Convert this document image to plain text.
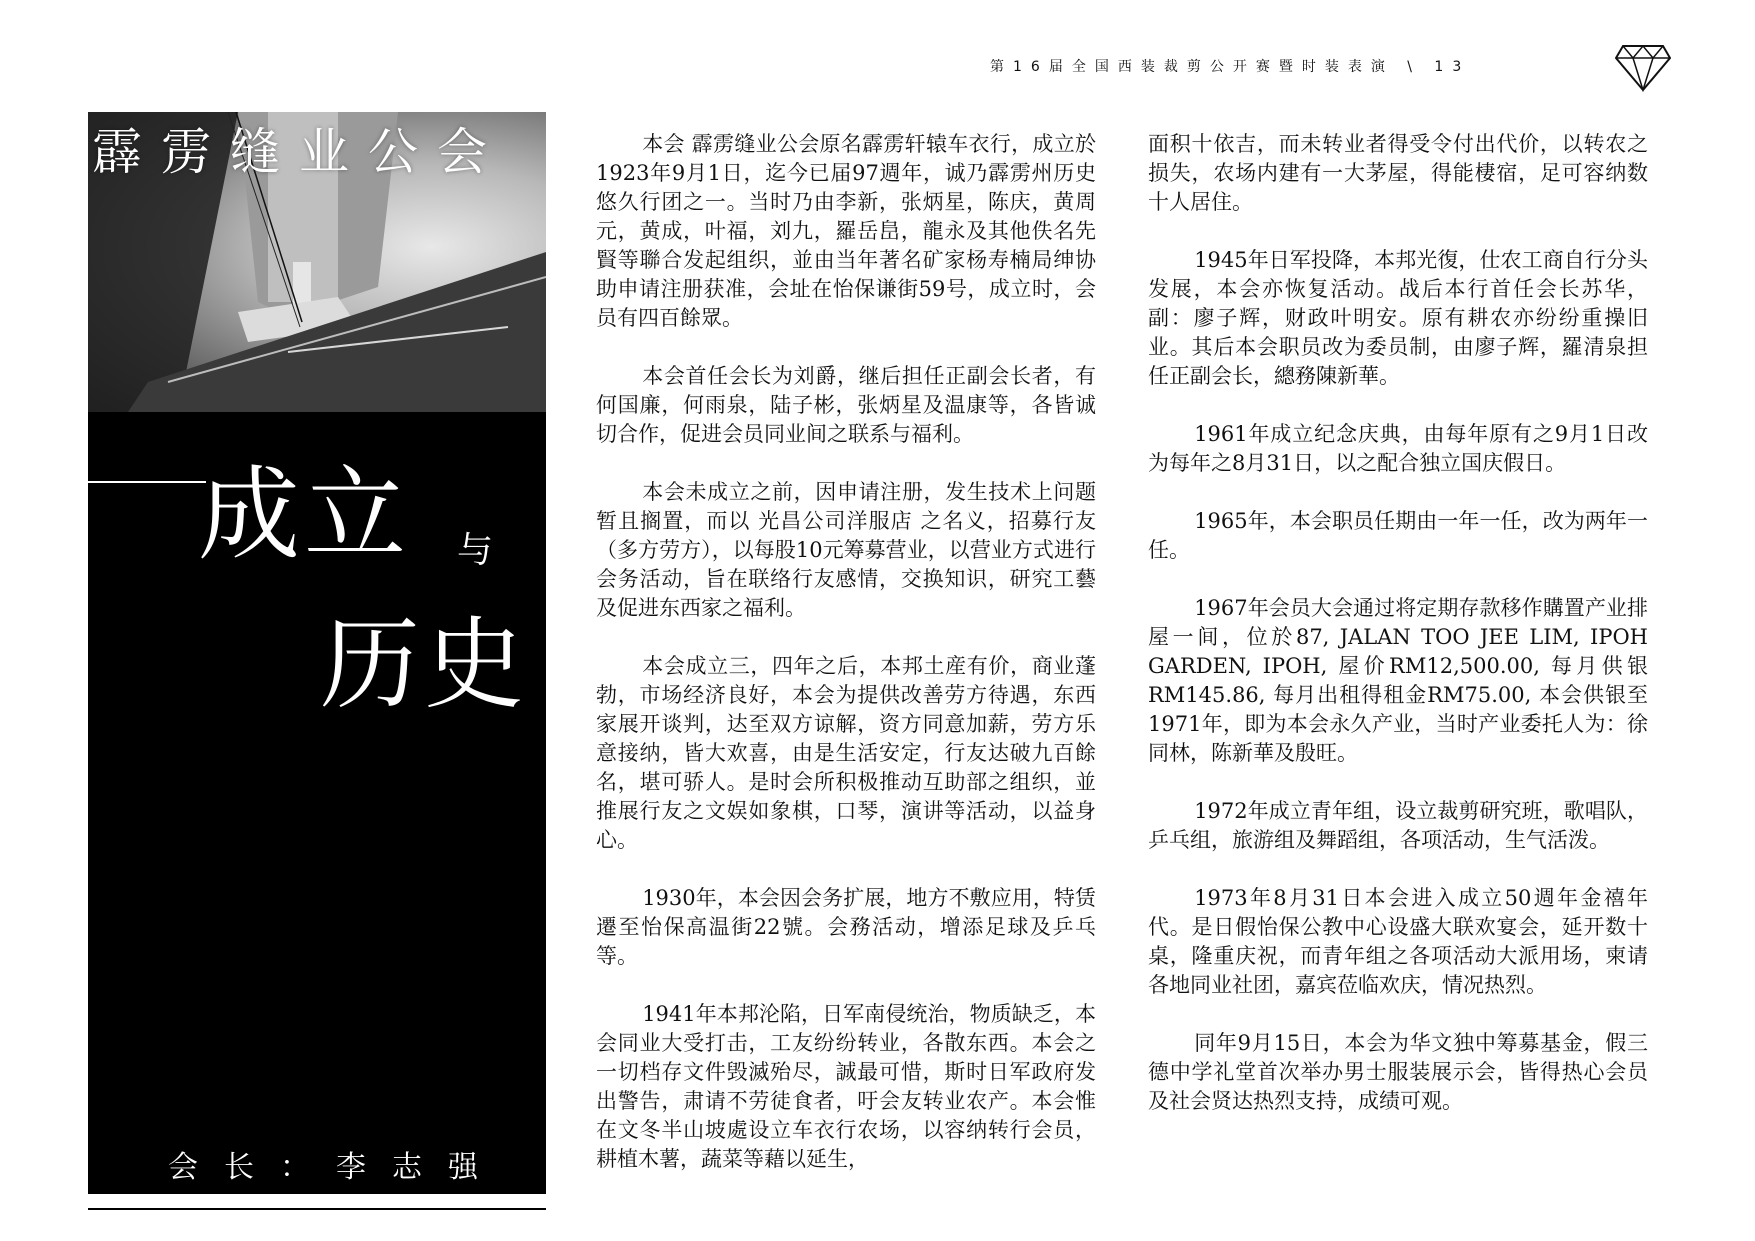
第16届全国西装裁剪公开赛暨时装表演 \ 13
霹雳缝业公会
成立 与
历史
会长：李志强

本会 霹雳缝业公会原名霹雳轩辕车衣行，成立於1923年9月1日，迄今已届97週年，诚乃霹雳州历史悠久行团之一。当时乃由李新，张炳星，陈庆，黄周元，黄成，叶福，刘九，羅岳峊，龍永及其他佚名先賢等聯合发起组织，並由当年著名矿家杨寿楠局绅协助申请注册获准，会址在怡保谦街59号，成立时，会员有四百餘眾。

本会首任会长为刘爵，继后担任正副会长者，有何国廉，何雨泉，陆子彬，张炳星及温康等，各皆诚切合作，促进会员同业间之联系与福利。

本会未成立之前，因申请注册，发生技术上问题暂且搁置，而以 光昌公司洋服店 之名义，招募行友（多方劳方），以每股10元筹募营业，以营业方式进行会务活动，旨在联络行友感情，交换知识，研究工藝及促进东西家之福利。

本会成立三，四年之后，本邦土産有价，商业蓬勃，市场经济良好，本会为提供改善劳方待遇，东西家展开谈判，达至双方谅解，资方同意加薪，劳方乐意接纳，皆大欢喜，由是生活安定，行友达破九百餘名，堪可骄人。是时会所积极推动互助部之组织，並推展行友之文娱如象棋，口琴，演讲等活动，以益身心。

1930年，本会因会务扩展，地方不敷应用，特赁遷至怡保高温街22號。会務活动，增添足球及乒乓等。

1941年本邦沦陷，日军南侵统治，物质缺乏，本会同业大受打击，工友纷纷转业，各散东西。本会之一切档存文件毁滅殆尽，誠最可惜，斯时日军政府发出警告，肃请不劳徒食者，吁会友转业农产。本会惟在文冬半山坡處设立车衣行农场，以容纳转行会员，耕植木薯，蔬菜等藉以延生，

面积十依吉，而未转业者得受令付出代价，以转农之损失，农场内建有一大茅屋，得能棲宿，足可容纳数十人居住。

1945年日军投降，本邦光復，仕农工商自行分头发展，本会亦恢复活动。战后本行首任会长苏华，副：廖子辉，财政叶明安。原有耕农亦纷纷重操旧业。其后本会职员改为委员制，由廖子辉，羅清泉担任正副会长，總務陳新華。

1961年成立纪念庆典，由每年原有之9月1日改为每年之8月31日，以之配合独立国庆假日。

1965年，本会职员任期由一年一任，改为两年一任。

1967年会员大会通过将定期存款移作購置产业排屋一间，位於87, JALAN TOO JEE LIM, IPOH GARDEN, IPOH, 屋价RM12,500.00, 每月供银RM145.86, 每月出租得租金RM75.00, 本会供银至1971年，即为本会永久产业，当时产业委托人为：徐同林，陈新華及殷旺。

1972年成立青年组，设立裁剪研究班，歌唱队，乒乓组，旅游组及舞蹈组，各项活动，生气活泼。

1973年8月31日本会进入成立50週年金禧年代。是日假怡保公教中心设盛大联欢宴会，延开数十桌，隆重庆祝，而青年组之各项活动大派用场，柬请各地同业社团，嘉宾莅临欢庆，情况热烈。

同年9月15日，本会为华文独中筹募基金，假三德中学礼堂首次举办男士服装展示会，皆得热心会员及社会贤达热烈支持，成绩可观。
